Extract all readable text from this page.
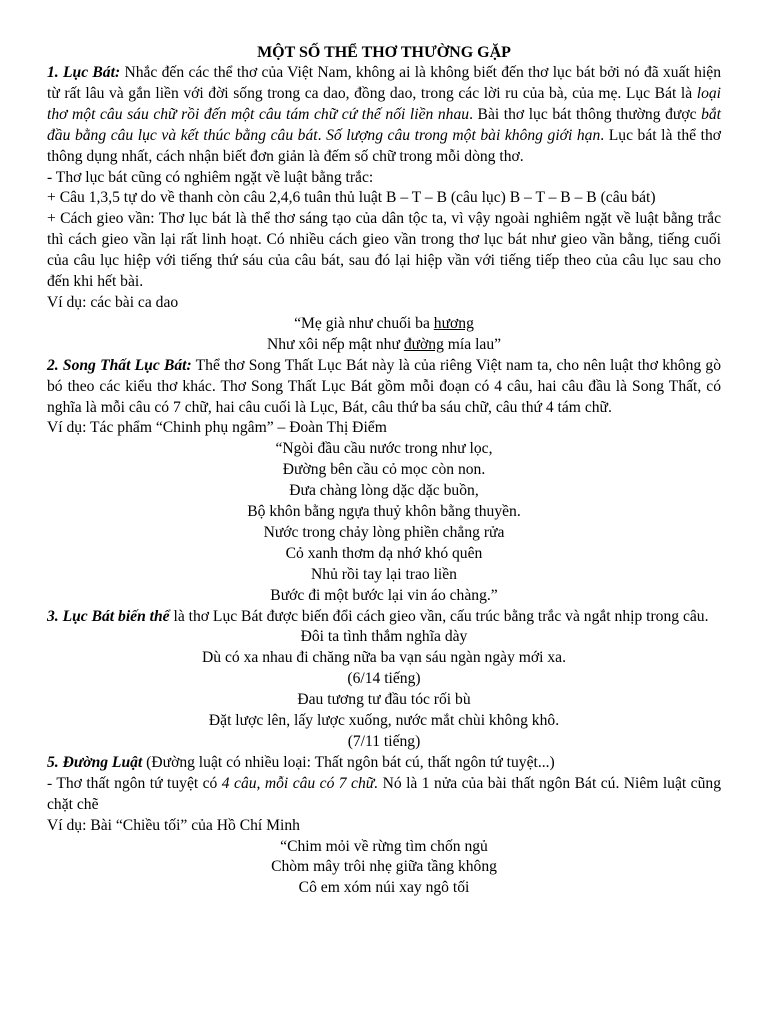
MỘT SỐ THỂ THƠ THƯỜNG GẶP

1. Lục Bát: Nhắc đến các thể thơ của Việt Nam, không ai là không biết đến thơ lục bát bởi nó đã xuất hiện từ rất lâu và gắn liền với đời sống trong ca dao, đồng dao, trong các lời ru của bà, của mẹ. Lục Bát là loại thơ một câu sáu chữ rồi đến một câu tám chữ cứ thế nối liền nhau. Bài thơ lục bát thông thường được bắt đầu bằng câu lục và kết thúc bằng câu bát. Số lượng câu trong một bài không giới hạn. Lục bát là thể thơ thông dụng nhất, cách nhận biết đơn giản là đếm số chữ trong mỗi dòng thơ.

- Thơ lục bát cũng có nghiêm ngặt về luật bằng trắc:

+ Câu 1,3,5 tự do về thanh còn câu 2,4,6 tuân thủ luật B – T – B (câu lục) B – T – B – B (câu bát)

+ Cách gieo vần: Thơ lục bát là thể thơ sáng tạo của dân tộc ta, vì vậy ngoài nghiêm ngặt về luật bằng trắc thì cách gieo vần lại rất linh hoạt. Có nhiều cách gieo vần trong thơ lục bát như gieo vần bằng, tiếng cuối của câu lục hiệp với tiếng thứ sáu của câu bát, sau đó lại hiệp vần với tiếng tiếp theo của câu lục sau cho đến khi hết bài.

Ví dụ: các bài ca dao

“Mẹ già như chuối ba hương

Như xôi nếp mật như đường mía lau”

2. Song Thất Lục Bát: Thể thơ Song Thất Lục Bát này là của riêng Việt nam ta, cho nên luật thơ không gò bó theo các kiểu thơ khác. Thơ Song Thất Lục Bát gồm mỗi đoạn có 4 câu, hai câu đầu là Song Thất, có nghĩa là mỗi câu có 7 chữ, hai câu cuối là Lục, Bát, câu thứ ba sáu chữ, câu thứ 4 tám chữ.

Ví dụ: Tác phẩm “Chinh phụ ngâm” – Đoàn Thị Điểm

“Ngòi đầu cầu nước trong như lọc,

Đường bên cầu cỏ mọc còn non.

Đưa chàng lòng dặc dặc buồn,

Bộ khôn bằng ngựa thuỷ khôn bằng thuyền.

Nước trong chảy lòng phiền chẳng rửa

Cỏ xanh thơm dạ nhớ khó quên

Nhủ rồi tay lại trao liền

Bước đi một bước lại vin áo chàng.”

3. Lục Bát biến thể là thơ Lục Bát được biến đổi cách gieo vần, cấu trúc bằng trắc và ngắt nhịp trong câu.

Đôi ta tình thắm nghĩa dày

Dù có xa nhau đi chăng nữa ba vạn sáu ngàn ngày mới xa.

(6/14 tiếng)

Đau tương tư đầu tóc rối bù

Đặt lược lên, lấy lược xuống, nước mắt chùi không khô.

(7/11 tiếng)

5. Đường Luật (Đường luật có nhiều loại: Thất ngôn bát cú, thất ngôn tứ tuyệt...)

- Thơ thất ngôn tứ tuyệt có 4 câu, mỗi câu có 7 chữ. Nó là 1 nửa của bài thất ngôn Bát cú. Niêm luật cũng chặt chẽ

Ví dụ: Bài “Chiều tối” của Hồ Chí Minh

“Chim mỏi về rừng tìm chốn ngủ

Chòm mây trôi nhẹ giữa tầng không

Cô em xóm núi xay ngô tối
